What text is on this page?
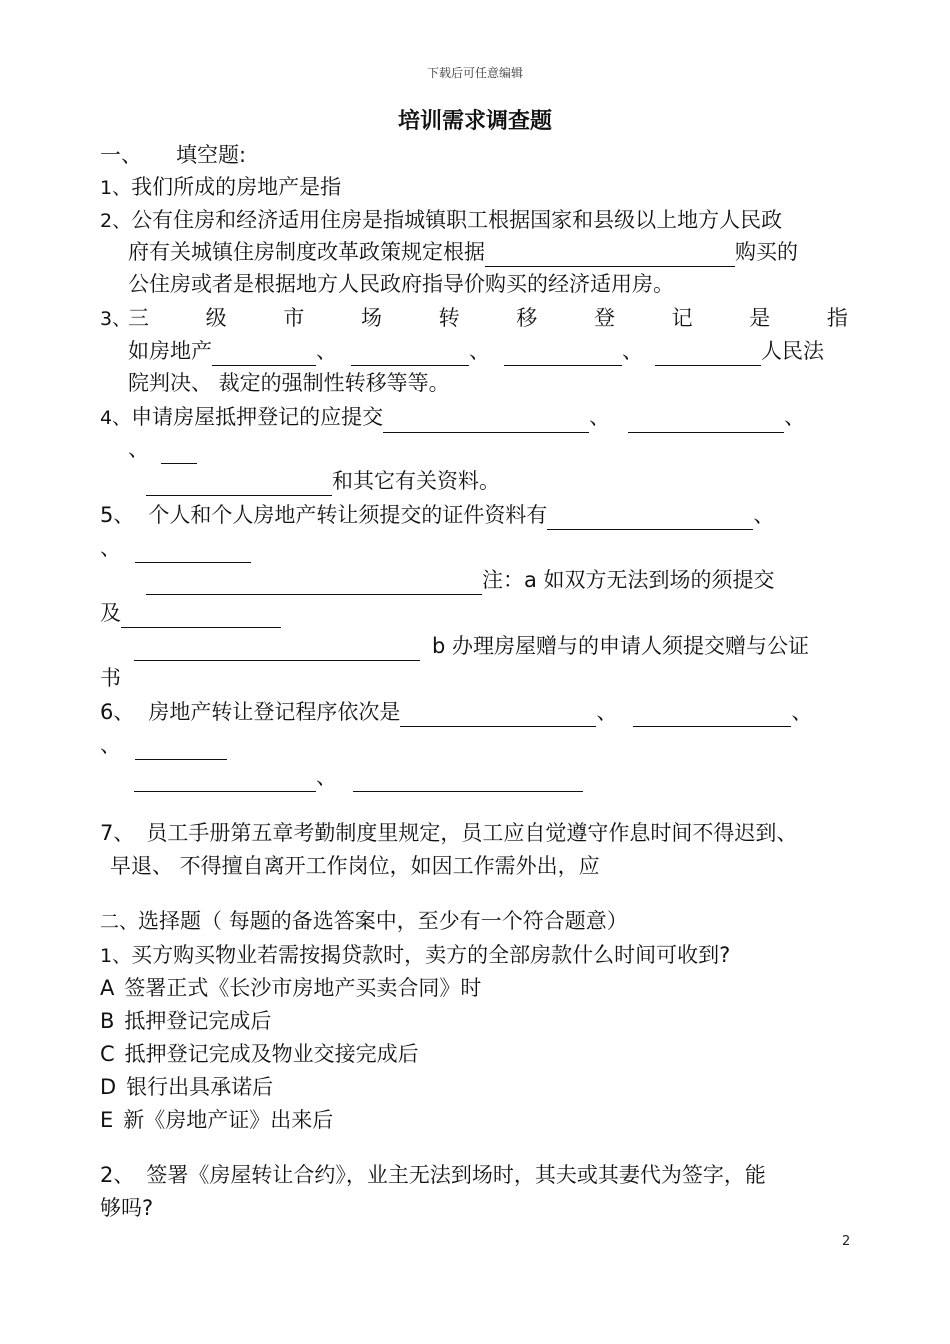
下载后可任意编辑
培训需求调查题
一、 填空题:
1、我们所成的房地产是指
2、公有住房和经济适用住房是指城镇职工根据国家和县级以上地方人民政
府有关城镇住房制度改革政策规定根据	购买的
公住房或者是根据地方人民政府指导价购买的经济适用房。
3、
三	级	市	场	转	移	登	记	是	指
如房地产	、	、	、	人民法
院判决、 裁定的强制性转移等等。
4、申请房屋抵押登记的应提交	、	、
、
和其它有关资料。
5、 个人和个人房地产转让须提交的证件资料有	、
、
注：a 如双方无法到场的须提交
及
b 办理房屋赠与的申请人须提交赠与公证
书
6、 房地产转让登记程序依次是	、	、
、
、
7、 员工手册第五章考勤制度里规定，员工应自觉遵守作息时间不得迟到、
早退、 不得擅自离开工作岗位，如因工作需外出，应
二、选择题（ 每题的备选答案中，至少有一个符合题意）
1、买方购买物业若需按揭贷款时，卖方的全部房款什么时间可收到?
A 签署正式《长沙市房地产买卖合同》时
B 抵押登记完成后
C 抵押登记完成及物业交接完成后
D 银行出具承诺后
E 新《房地产证》出来后
2、 签署《房屋转让合约》，业主无法到场时，其夫或其妻代为签字，能
够吗?
2
